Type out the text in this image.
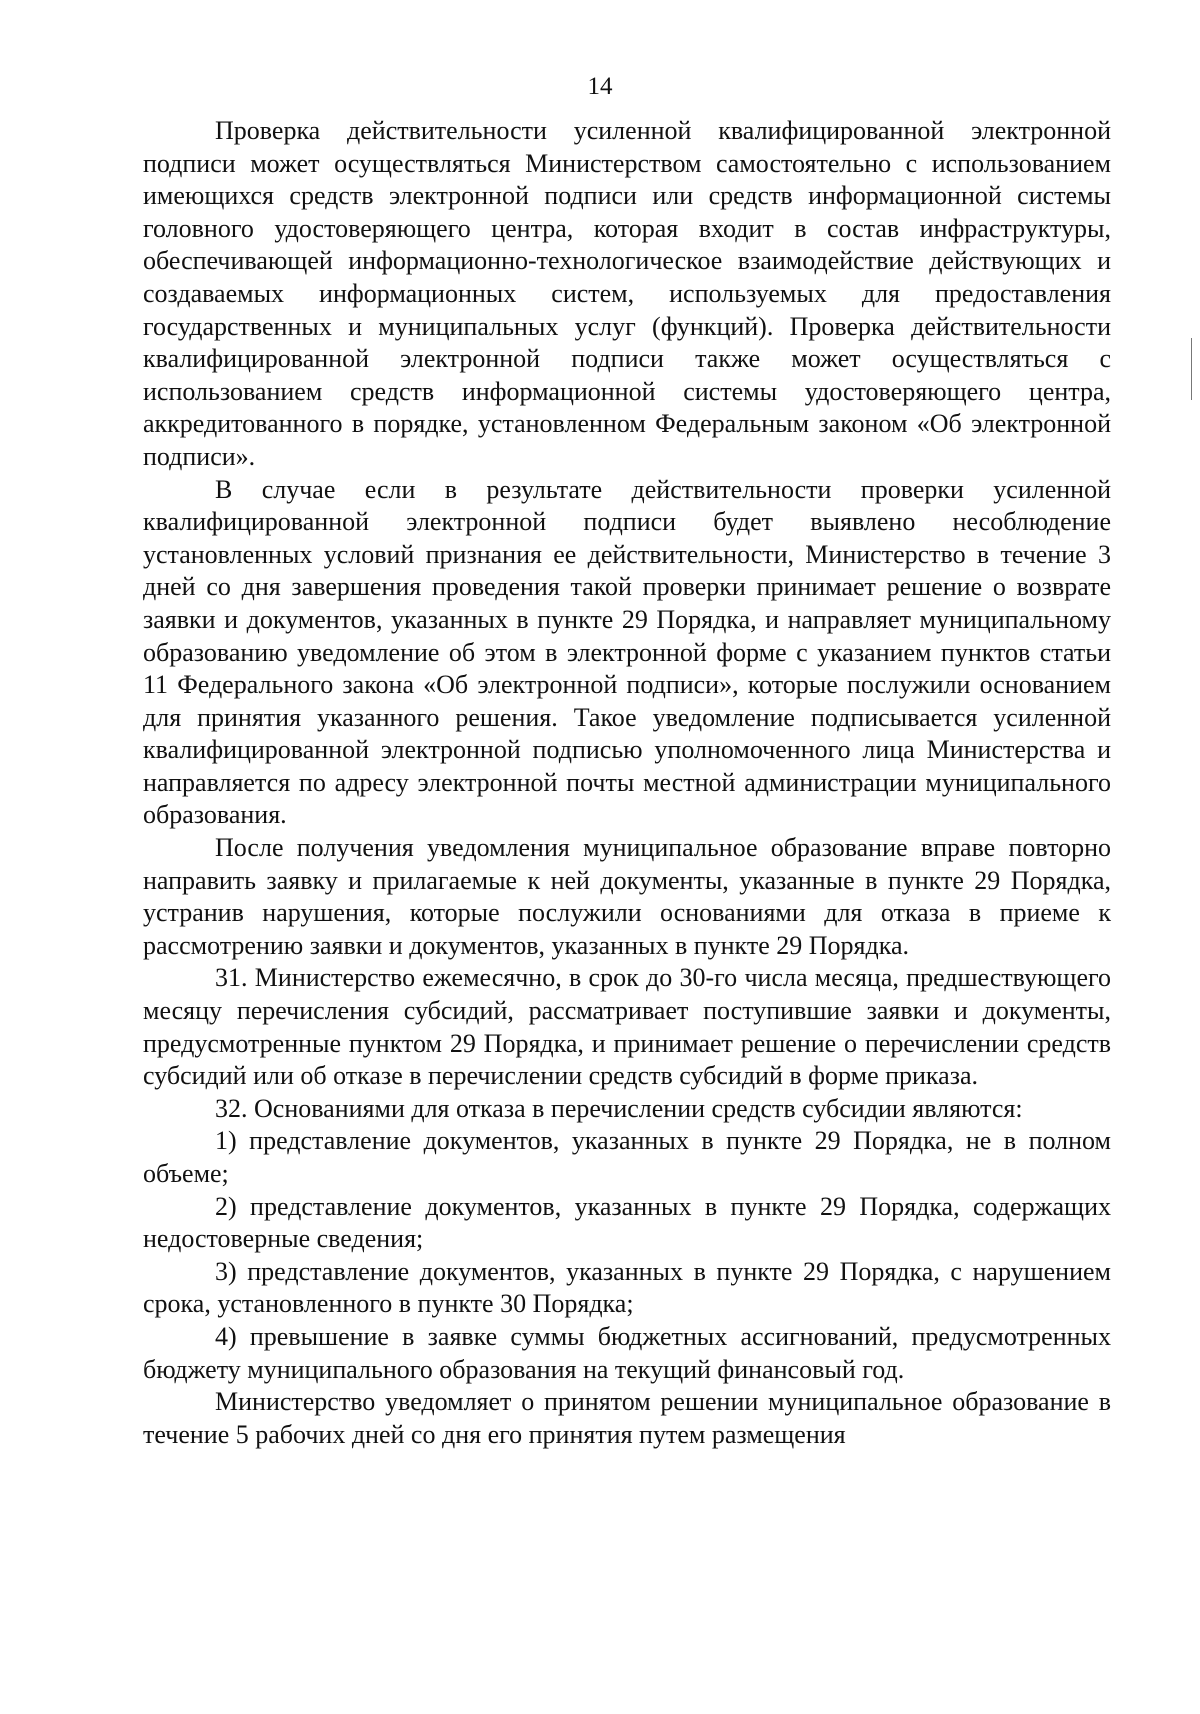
14

Проверка действительности усиленной квалифицированной электронной подписи может осуществляться Министерством самостоятельно с использованием имеющихся средств электронной подписи или средств информационной системы головного удостоверяющего центра, которая входит в состав инфраструктуры, обеспечивающей информационно-технологическое взаимодействие действующих и создаваемых информационных систем, используемых для предоставления государственных и муниципальных услуг (функций). Проверка действительности квалифицированной электронной подписи также может осуществляться с использованием средств информационной системы удостоверяющего центра, аккредитованного в порядке, установленном Федеральным законом «Об электронной подписи».

В случае если в результате действительности проверки усиленной квалифицированной электронной подписи будет выявлено несоблюдение установленных условий признания ее действительности, Министерство в течение 3 дней со дня завершения проведения такой проверки принимает решение о возврате заявки и документов, указанных в пункте 29 Порядка, и направляет муниципальному образованию уведомление об этом в электронной форме с указанием пунктов статьи 11 Федерального закона «Об электронной подписи», которые послужили основанием для принятия указанного решения. Такое уведомление подписывается усиленной квалифицированной электронной подписью уполномоченного лица Министерства и направляется по адресу электронной почты местной администрации муниципального образования.

После получения уведомления муниципальное образование вправе повторно направить заявку и прилагаемые к ней документы, указанные в пункте 29 Порядка, устранив нарушения, которые послужили основаниями для отказа в приеме к рассмотрению заявки и документов, указанных в пункте 29 Порядка.

31. Министерство ежемесячно, в срок до 30-го числа месяца, предшествующего месяцу перечисления субсидий, рассматривает поступившие заявки и документы, предусмотренные пунктом 29 Порядка, и принимает решение о перечислении средств субсидий или об отказе в перечислении средств субсидий в форме приказа.

32. Основаниями для отказа в перечислении средств субсидии являются:

1) представление документов, указанных в пункте 29 Порядка, не в полном объеме;

2) представление документов, указанных в пункте 29 Порядка, содержащих недостоверные сведения;

3) представление документов, указанных в пункте 29 Порядка, с нарушением срока, установленного в пункте 30 Порядка;

4) превышение в заявке суммы бюджетных ассигнований, предусмотренных бюджету муниципального образования на текущий финансовый год.

Министерство уведомляет о принятом решении муниципальное образование в течение 5 рабочих дней со дня его принятия путем размещения
